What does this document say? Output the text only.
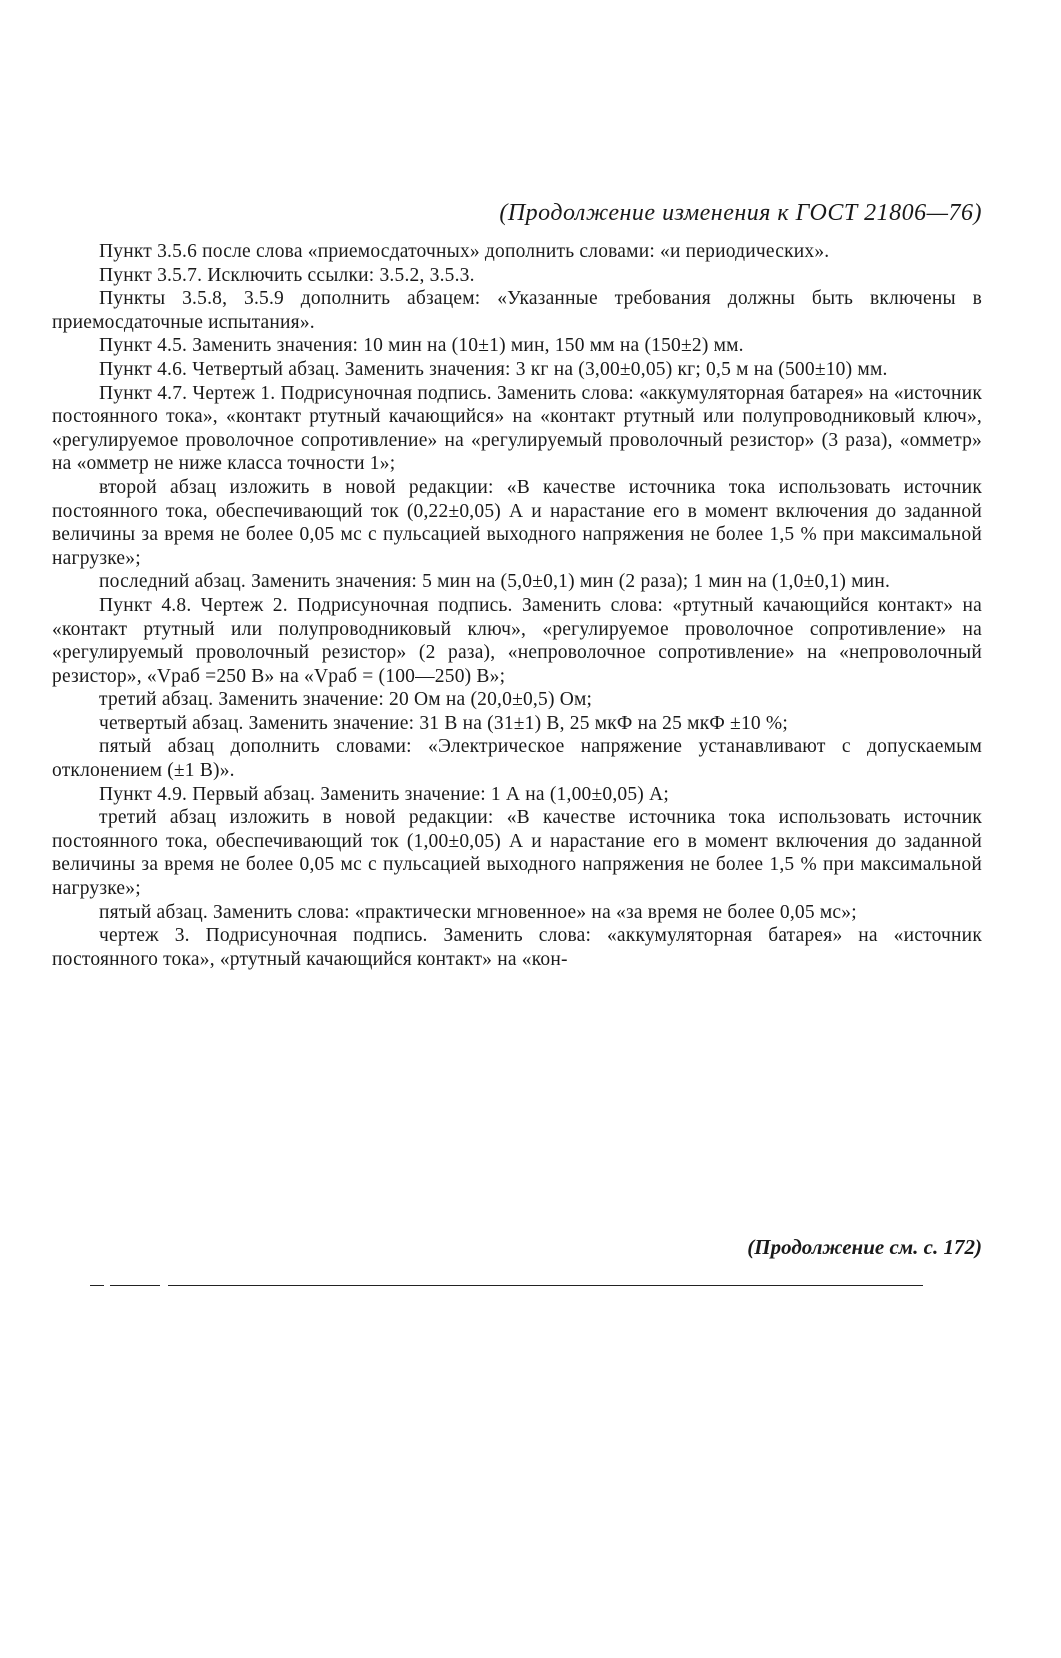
(Продолжение изменения к ГОСТ 21806—76)

Пункт 3.5.6 после слова «приемосдаточных» дополнить словами: «и периодических».

Пункт 3.5.7. Исключить ссылки: 3.5.2, 3.5.3.

Пункты 3.5.8, 3.5.9 дополнить абзацем: «Указанные требования должны быть включены в приемосдаточные испытания».

Пункт 4.5. Заменить значения: 10 мин на (10±1) мин, 150 мм на (150±2) мм.

Пункт 4.6. Четвертый абзац. Заменить значения: 3 кг на (3,00±0,05) кг; 0,5 м на (500±10) мм.

Пункт 4.7. Чертеж 1. Подрисуночная подпись. Заменить слова: «аккумуляторная батарея» на «источник постоянного тока», «контакт ртутный качающийся» на «контакт ртутный или полупроводниковый ключ», «регулируемое проволочное сопротивление» на «регулируемый проволочный резистор» (3 раза), «омметр» на «омметр не ниже класса точности 1»;

второй абзац изложить в новой редакции: «В качестве источника тока использовать источник постоянного тока, обеспечивающий ток (0,22±0,05) А и нарастание его в момент включения до заданной величины за время не более 0,05 мс с пульсацией выходного напряжения не более 1,5 % при максимальной нагрузке»;

последний абзац. Заменить значения: 5 мин на (5,0±0,1) мин (2 раза); 1 мин на (1,0±0,1) мин.

Пункт 4.8. Чертеж 2. Подрисуночная подпись. Заменить слова: «ртутный качающийся контакт» на «контакт ртутный или полупроводниковый ключ», «регулируемое проволочное сопротивление» на «регулируемый проволочный резистор» (2 раза), «непроволочное сопротивление» на «непроволочный резистор», «Vраб =250 В» на «Vраб = (100—250) В»;

третий абзац. Заменить значение: 20 Ом на (20,0±0,5) Ом;

четвертый абзац. Заменить значение: 31 В на (31±1) В, 25 мкФ на 25 мкФ ±10 %;

пятый абзац дополнить словами: «Электрическое напряжение устанавливают с допускаемым отклонением (±1 В)».

Пункт 4.9. Первый абзац. Заменить значение: 1 А на (1,00±0,05) А;

третий абзац изложить в новой редакции: «В качестве источника тока использовать источник постоянного тока, обеспечивающий ток (1,00±0,05) А и нарастание его в момент включения до заданной величины за время не более 0,05 мс с пульсацией выходного напряжения не более 1,5 % при максимальной нагрузке»;

пятый абзац. Заменить слова: «практически мгновенное» на «за время не более 0,05 мс»;

чертеж 3. Подрисуночная подпись. Заменить слова: «аккумуляторная батарея» на «источник постоянного тока», «ртутный качающийся контакт» на «кон-

(Продолжение см. с. 172)
